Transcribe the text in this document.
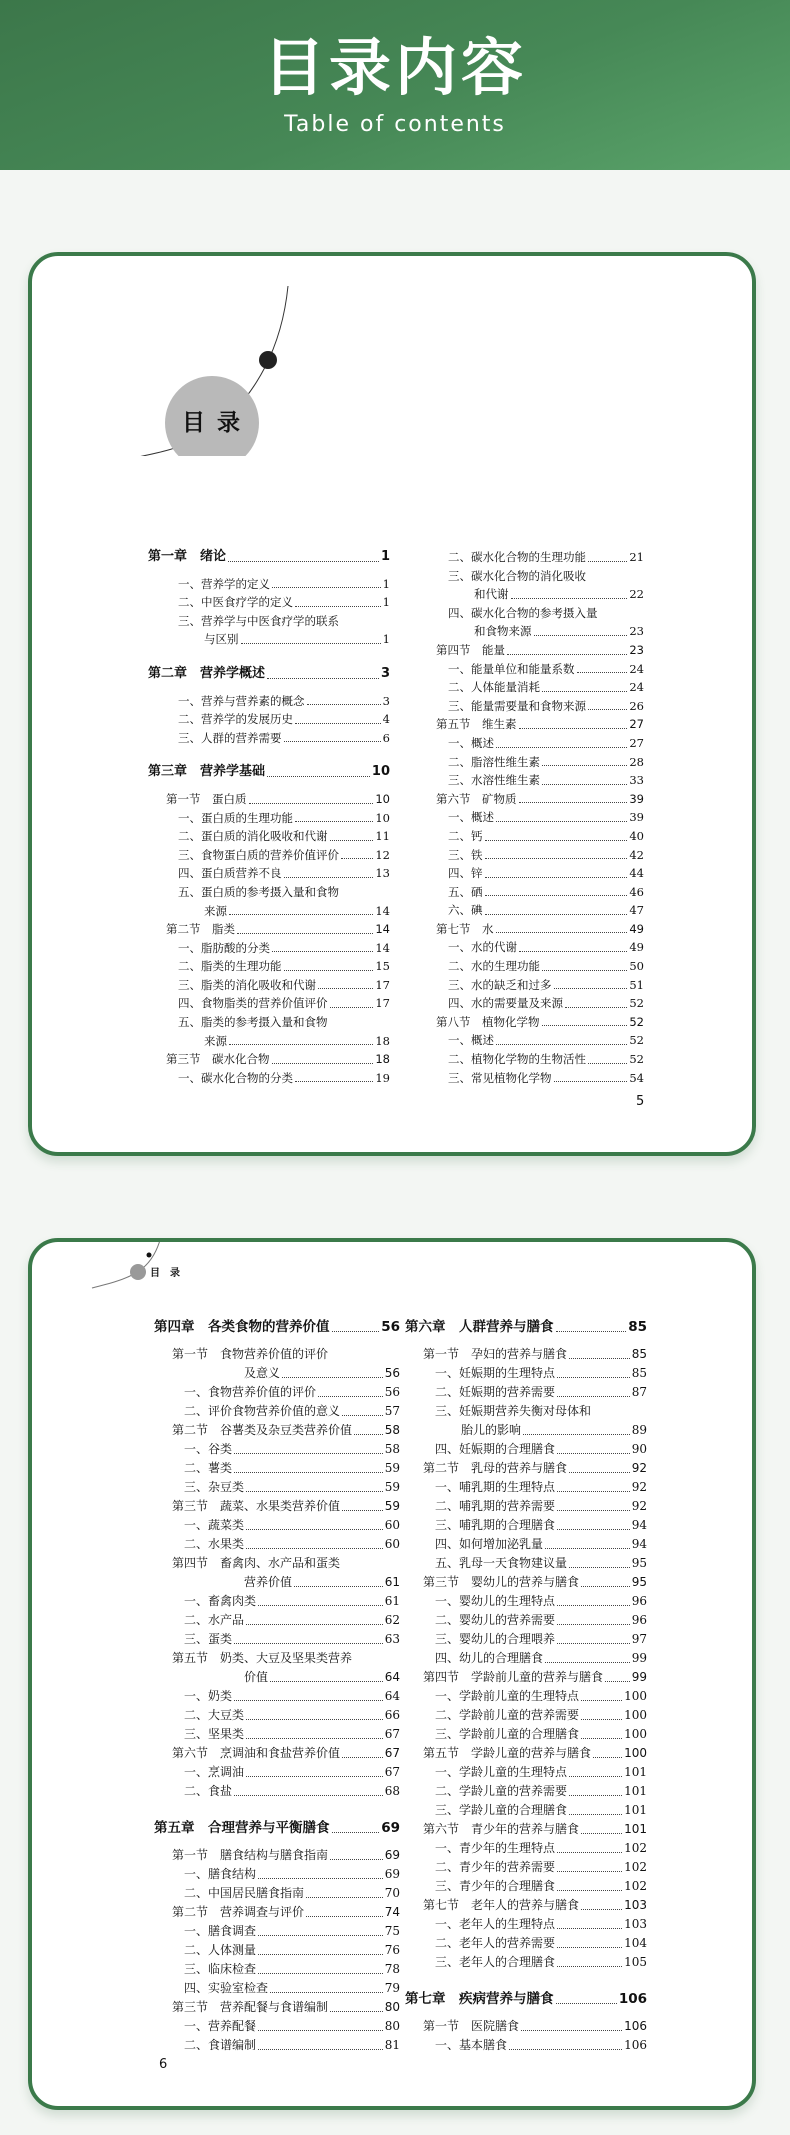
目录内容
Table of contents
目 录
第一章　绪论	1
一、营养学的定义	1
二、中医食疗学的定义	1
三、营养学与中医食疗学的联系
与区别	1
第二章　营养学概述	3
一、营养与营养素的概念	3
二、营养学的发展历史	4
三、人群的营养需要	6
第三章　营养学基础	10
第一节　蛋白质	10
一、蛋白质的生理功能	10
二、蛋白质的消化吸收和代谢	11
三、食物蛋白质的营养价值评价	12
四、蛋白质营养不良	13
五、蛋白质的参考摄入量和食物
来源	14
第二节　脂类	14
一、脂肪酸的分类	14
二、脂类的生理功能	15
三、脂类的消化吸收和代谢	17
四、食物脂类的营养价值评价	17
五、脂类的参考摄入量和食物
来源	18
第三节　碳水化合物	18
一、碳水化合物的分类	19
二、碳水化合物的生理功能	21
三、碳水化合物的消化吸收
和代谢	22
四、碳水化合物的参考摄入量
和食物来源	23
第四节　能量	23
一、能量单位和能量系数	24
二、人体能量消耗	24
三、能量需要量和食物来源	26
第五节　维生素	27
一、概述	27
二、脂溶性维生素	28
三、水溶性维生素	33
第六节　矿物质	39
一、概述	39
二、钙	40
三、铁	42
四、锌	44
五、硒	46
六、碘	47
第七节　水	49
一、水的代谢	49
二、水的生理功能	50
三、水的缺乏和过多	51
四、水的需要量及来源	52
第八节　植物化学物	52
一、概述	52
二、植物化学物的生物活性	52
三、常见植物化学物	54
5
目　录
第四章　各类食物的营养价值	56
第一节　食物营养价值的评价
及意义	56
一、食物营养价值的评价	56
二、评价食物营养价值的意义	57
第二节　谷薯类及杂豆类营养价值	58
一、谷类	58
二、薯类	59
三、杂豆类	59
第三节　蔬菜、水果类营养价值	59
一、蔬菜类	60
二、水果类	60
第四节　畜禽肉、水产品和蛋类
营养价值	61
一、畜禽肉类	61
二、水产品	62
三、蛋类	63
第五节　奶类、大豆及坚果类营养
价值	64
一、奶类	64
二、大豆类	66
三、坚果类	67
第六节　烹调油和食盐营养价值	67
一、烹调油	67
二、食盐	68
第五章　合理营养与平衡膳食	69
第一节　膳食结构与膳食指南	69
一、膳食结构	69
二、中国居民膳食指南	70
第二节　营养调查与评价	74
一、膳食调查	75
二、人体测量	76
三、临床检查	78
四、实验室检查	79
第三节　营养配餐与食谱编制	80
一、营养配餐	80
二、食谱编制	81
第六章　人群营养与膳食	85
第一节　孕妇的营养与膳食	85
一、妊娠期的生理特点	85
二、妊娠期的营养需要	87
三、妊娠期营养失衡对母体和
胎儿的影响	89
四、妊娠期的合理膳食	90
第二节　乳母的营养与膳食	92
一、哺乳期的生理特点	92
二、哺乳期的营养需要	92
三、哺乳期的合理膳食	94
四、如何增加泌乳量	94
五、乳母一天食物建议量	95
第三节　婴幼儿的营养与膳食	95
一、婴幼儿的生理特点	96
二、婴幼儿的营养需要	96
三、婴幼儿的合理喂养	97
四、幼儿的合理膳食	99
第四节　学龄前儿童的营养与膳食 99
一、学龄前儿童的生理特点	100
二、学龄前儿童的营养需要	100
三、学龄前儿童的合理膳食	100
第五节　学龄儿童的营养与膳食	100
一、学龄儿童的生理特点	101
二、学龄儿童的营养需要	101
三、学龄儿童的合理膳食	101
第六节　青少年的营养与膳食	101
一、青少年的生理特点	102
二、青少年的营养需要	102
三、青少年的合理膳食	102
第七节　老年人的营养与膳食	103
一、老年人的生理特点	103
二、老年人的营养需要	104
三、老年人的合理膳食	105
第七章　疾病营养与膳食	106
第一节　医院膳食	106
一、基本膳食	106
6
